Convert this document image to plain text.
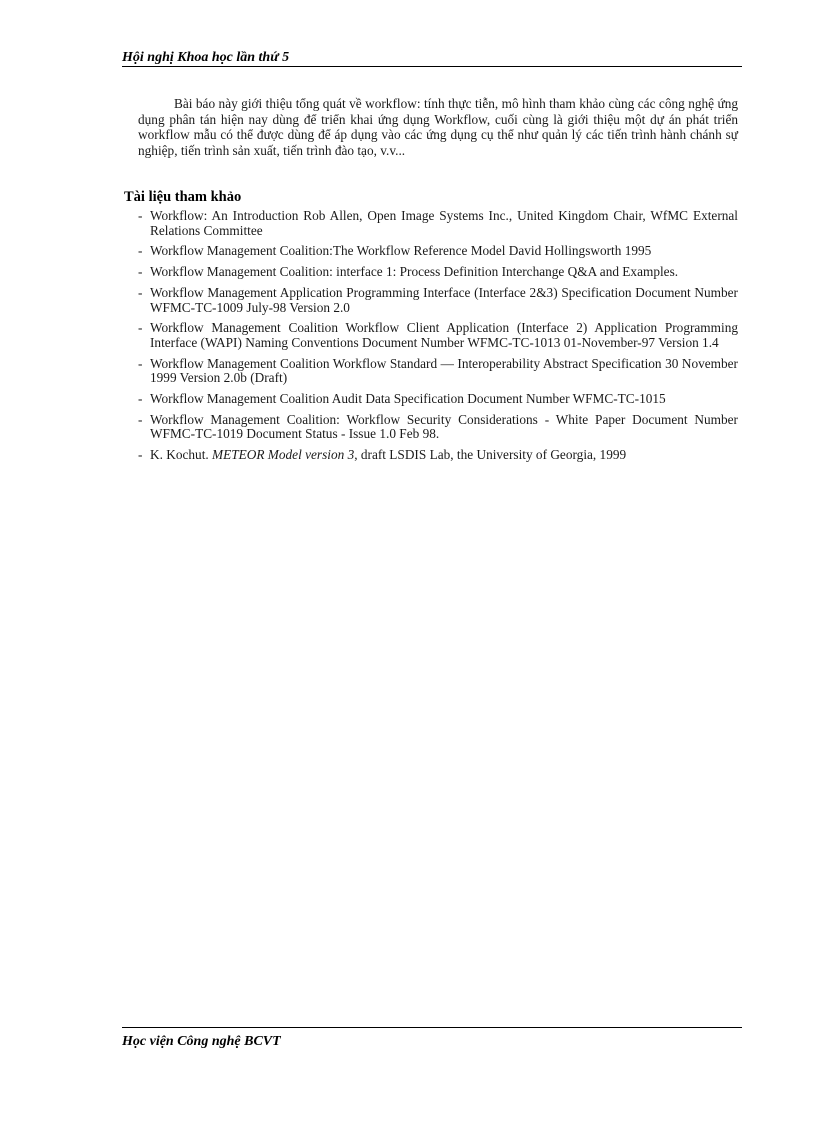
Hội nghị Khoa học lần thứ 5

Bài báo này giới thiệu tổng quát về workflow: tính thực tiễn, mô hình tham khảo cùng các công nghệ ứng dụng phân tán hiện nay dùng để triển khai ứng dụng Workflow, cuối cùng là giới thiệu một dự án phát triển workflow mẫu có thể được dùng để áp dụng vào các ứng dụng cụ thể như quản lý các tiến trình hành chánh sự nghiệp, tiến trình sản xuất, tiến trình đào tạo, v.v...

Tài liệu tham khảo
- Workflow: An Introduction Rob Allen, Open Image Systems Inc., United Kingdom Chair, WfMC External Relations Committee
- Workflow Management Coalition:The Workflow Reference Model David Hollingsworth 1995
- Workflow Management Coalition: interface 1: Process Definition Interchange Q&A and Examples.
- Workflow Management Application Programming Interface (Interface 2&3) Specification Document Number WFMC-TC-1009 July-98 Version 2.0
- Workflow Management Coalition Workflow Client Application (Interface 2) Application Programming Interface (WAPI) Naming Conventions Document Number WFMC-TC-1013 01-November-97 Version 1.4
- Workflow Management Coalition Workflow Standard — Interoperability Abstract Specification 30 November 1999 Version 2.0b (Draft)
- Workflow Management Coalition Audit Data Specification Document Number WFMC-TC-1015
- Workflow Management Coalition: Workflow Security Considerations - White Paper Document Number WFMC-TC-1019 Document Status - Issue 1.0 Feb 98.
- K. Kochut. METEOR Model version 3, draft LSDIS Lab, the University of Georgia, 1999
Học viện Công nghệ BCVT
